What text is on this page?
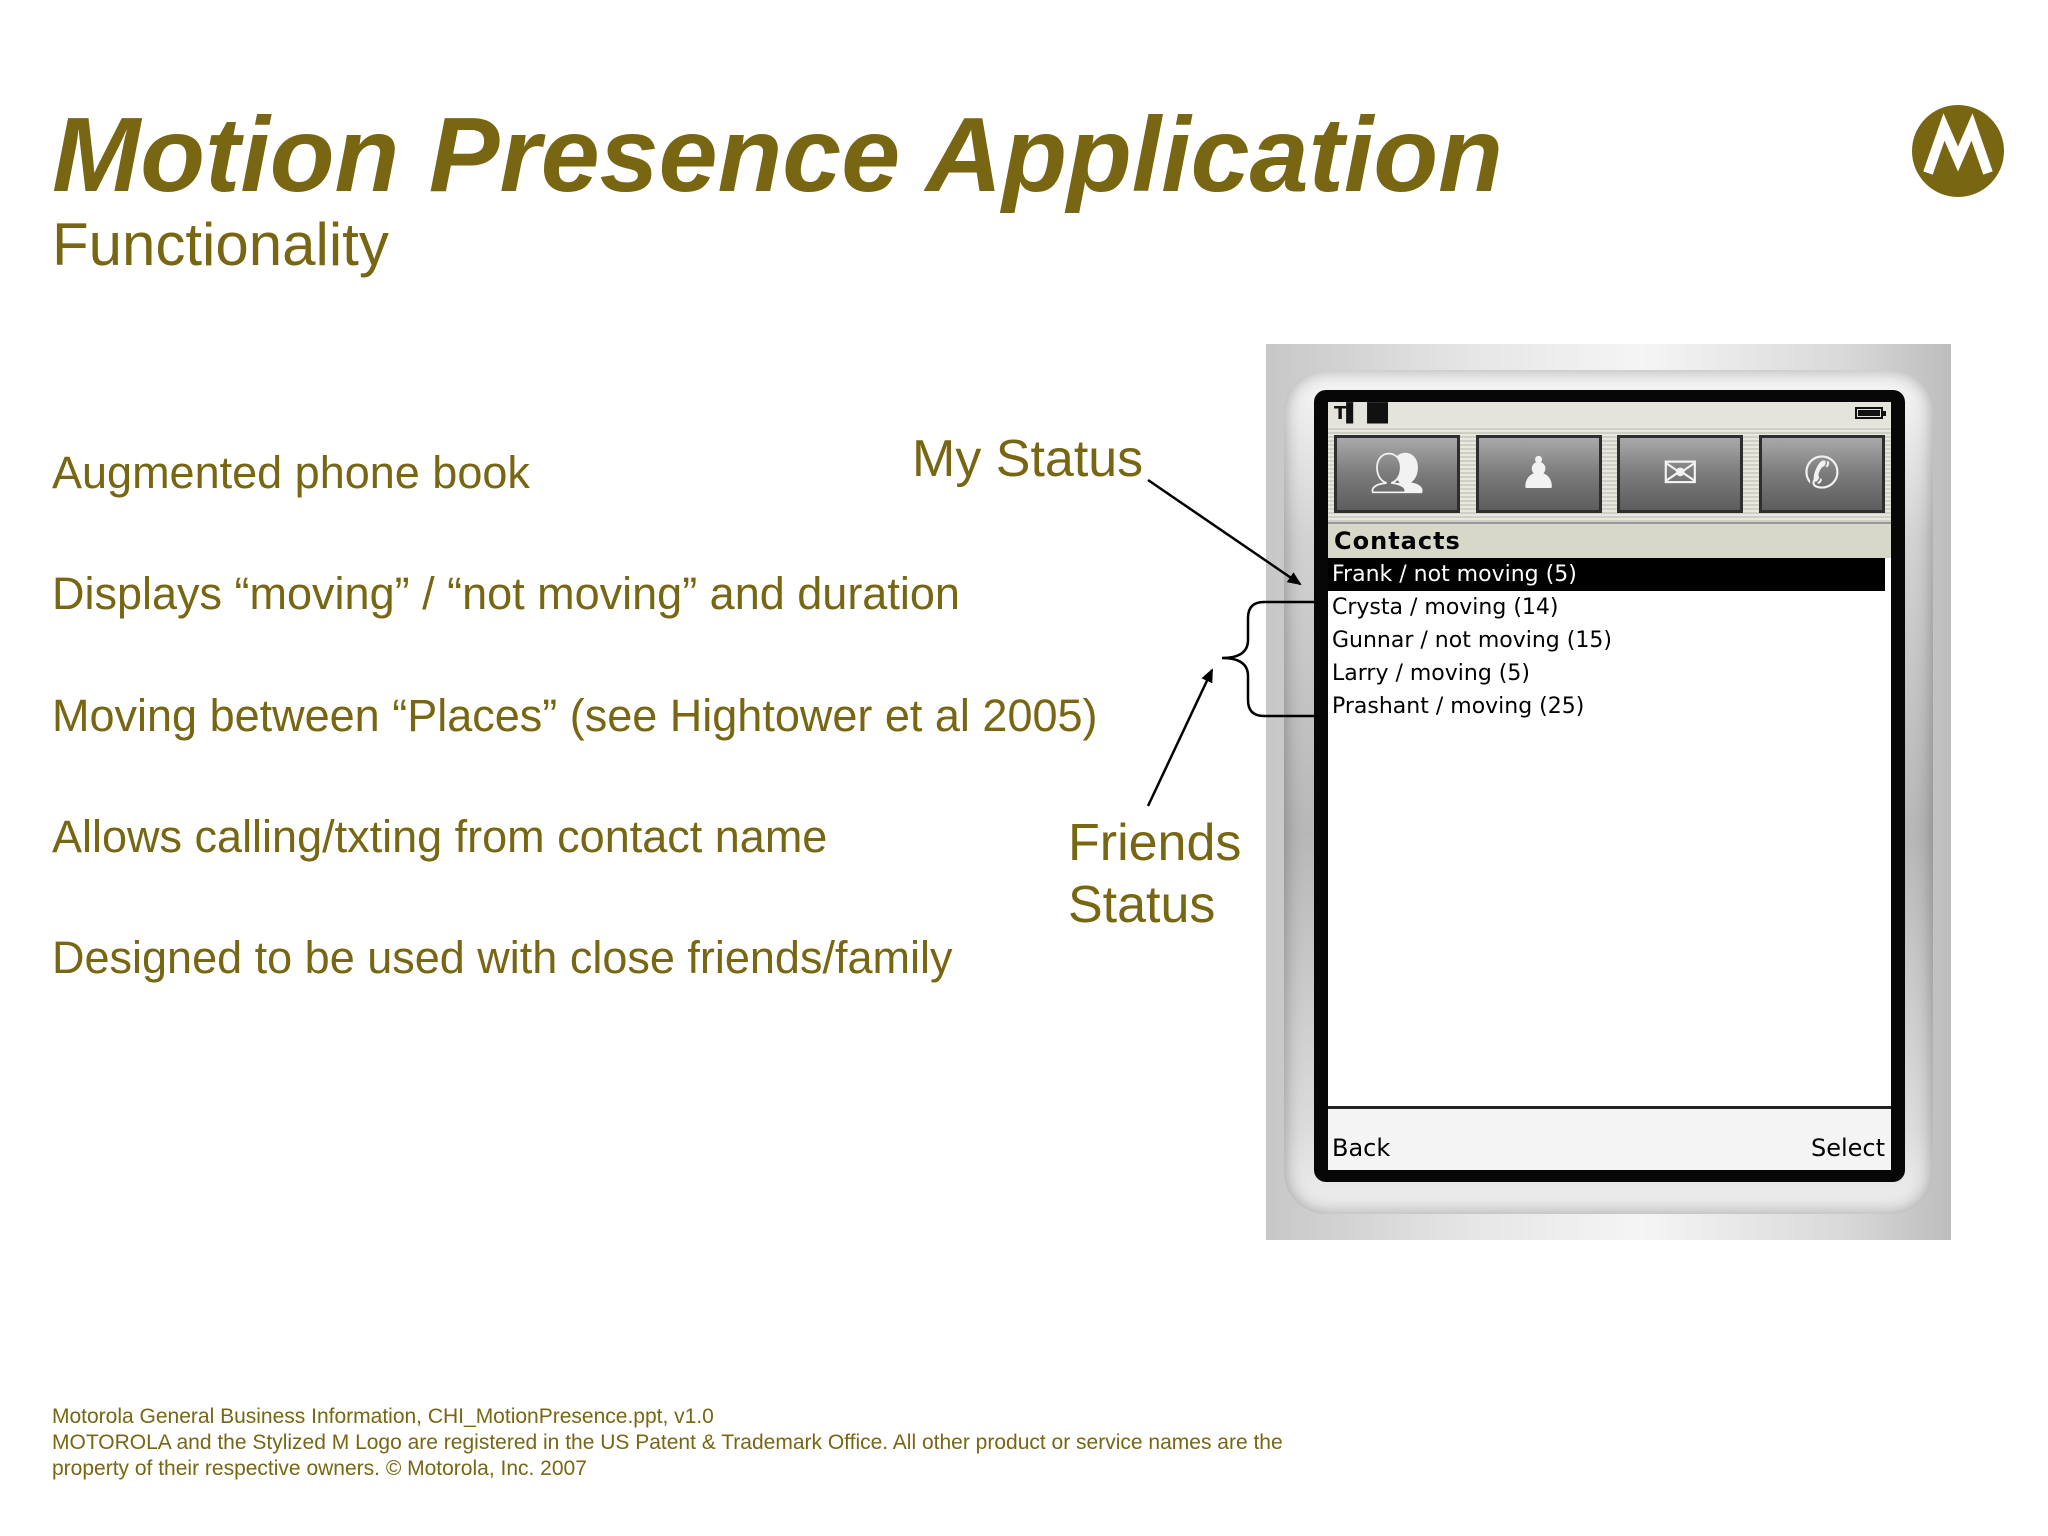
Motion Presence Application
Functionality
Augmented phone book
Displays “moving” / “not moving” and duration
Moving between “Places” (see Hightower et al 2005)
Allows calling/txting from contact name
Designed to be used with close friends/family
My Status
Friends
Status
𝗧▌▐█
👥︎	♟	✉	✆
Contacts
Frank / not moving (5)
Crysta / moving (14)
Gunnar / not moving (15)
Larry / moving (5)
Prashant / moving (25)
Back	Select
Motorola General Business Information, CHI_MotionPresence.ppt, v1.0
MOTOROLA and the Stylized M Logo are registered in the US Patent & Trademark Office. All other product or service names are the
property of their respective owners. © Motorola, Inc. 2007
